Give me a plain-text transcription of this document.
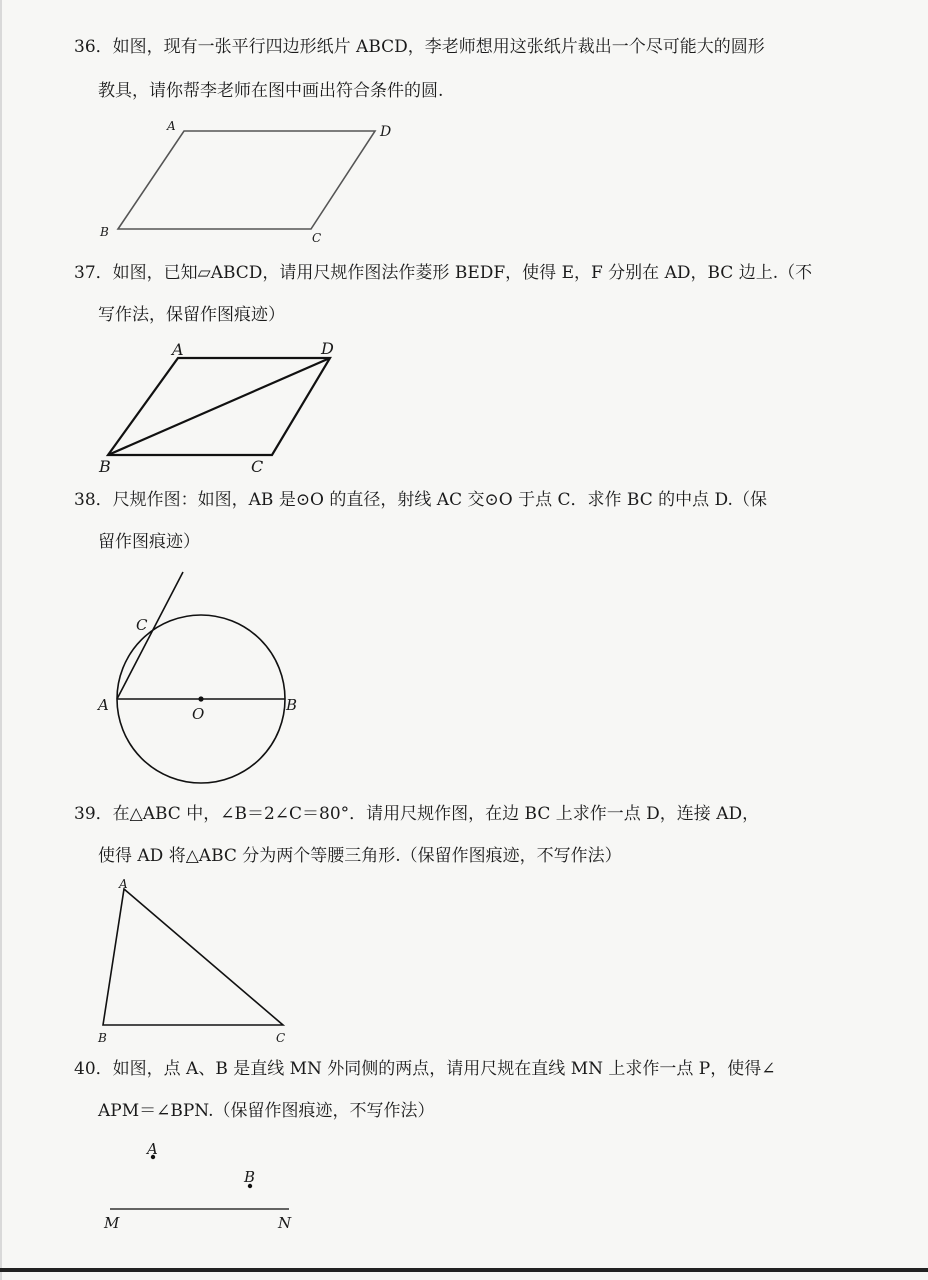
36．如图，现有一张平行四边形纸片 ABCD，李老师想用这张纸片裁出一个尽可能大的圆形
教具，请你帮李老师在图中画出符合条件的圆.
A	D
B	C
A	D
B	C
C
A	O	B
A
B	C
A
B
M	N
37．如图，已知▱ABCD，请用尺规作图法作菱形 BEDF，使得 E，F 分别在 AD，BC 边上.（不
写作法，保留作图痕迹）
38．尺规作图：如图，AB 是⊙O 的直径，射线 AC 交⊙O 于点 C．求作 BC 的中点 D.（保
留作图痕迹）
39．在△ABC 中，∠B＝2∠C＝80°．请用尺规作图，在边 BC 上求作一点 D，连接 AD，
使得 AD 将△ABC 分为两个等腰三角形.（保留作图痕迹，不写作法）
40．如图，点 A、B 是直线 MN 外同侧的两点，请用尺规在直线 MN 上求作一点 P，使得∠
APM＝∠BPN.（保留作图痕迹，不写作法）
